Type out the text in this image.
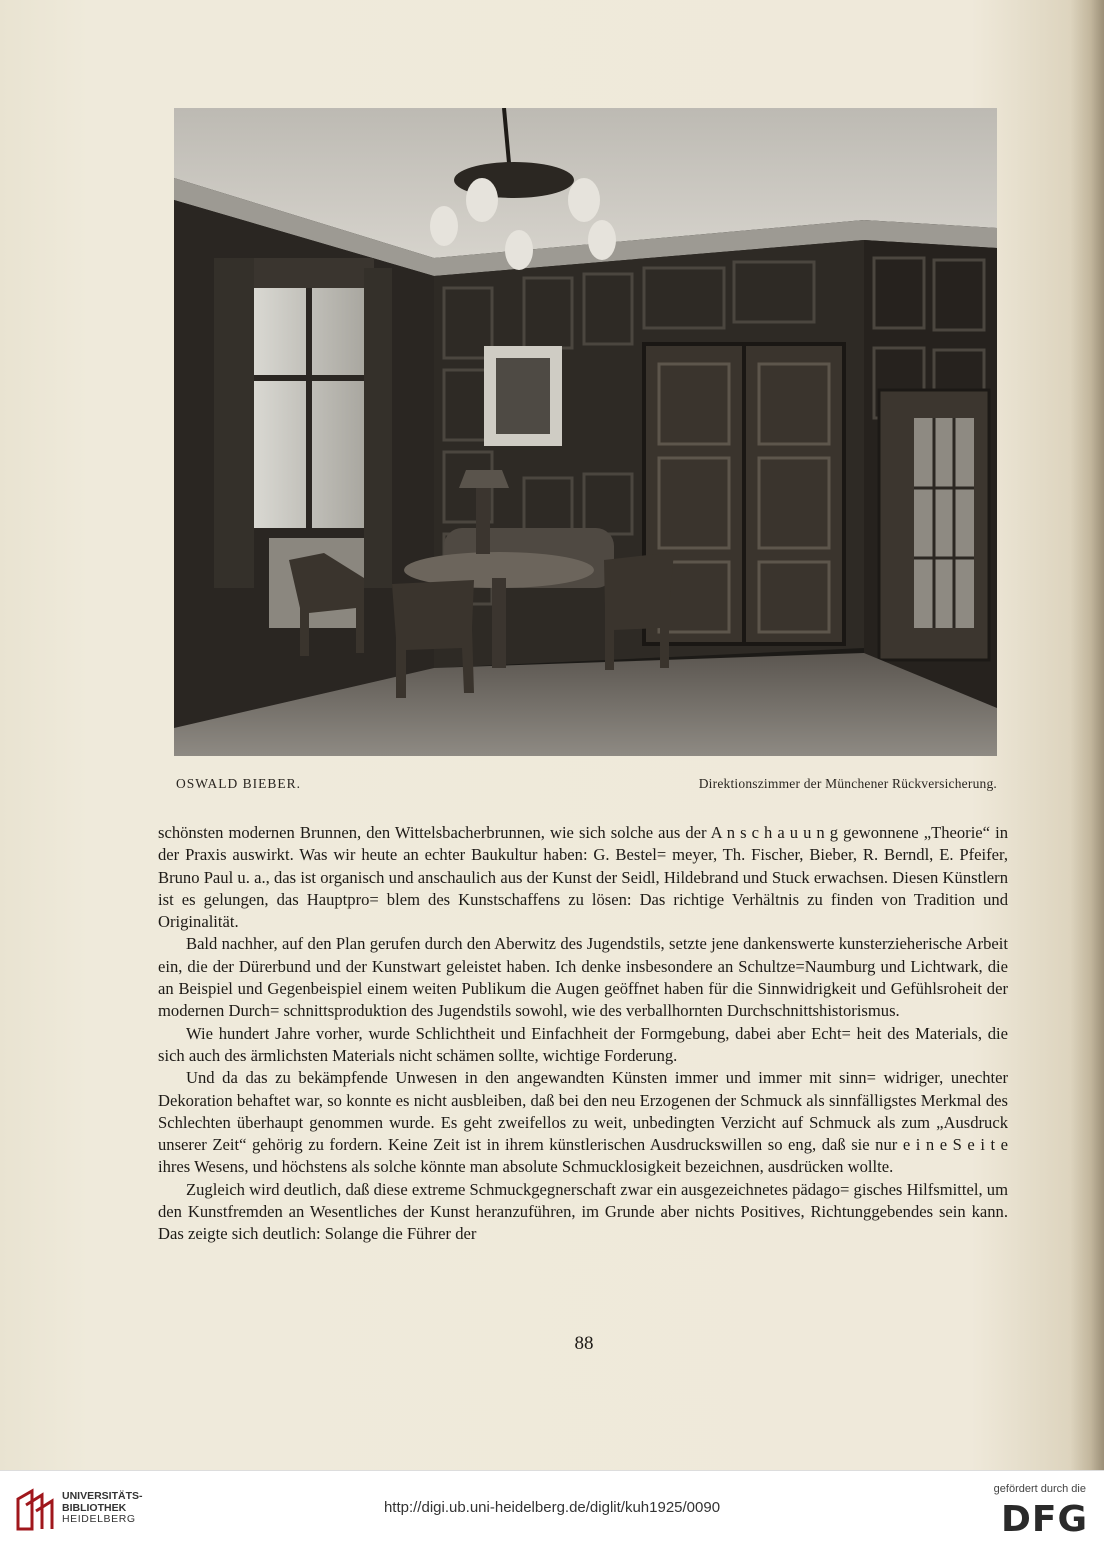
OSWALD BIEBER.	Direktionszimmer der Münchener Rückversicherung.

schönsten modernen Brunnen, den Wittelsbacherbrunnen, wie sich solche aus der A n s c h a u u n g gewonnene „Theorie“ in der Praxis auswirkt. Was wir heute an echter Baukultur haben: G. Bestel= meyer, Th. Fischer, Bieber, R. Berndl, E. Pfeifer, Bruno Paul u. a., das ist organisch und anschaulich aus der Kunst der Seidl, Hildebrand und Stuck erwachsen. Diesen Künstlern ist es gelungen, das Hauptpro= blem des Kunstschaffens zu lösen: Das richtige Verhältnis zu finden von Tradition und Originalität.

Bald nachher, auf den Plan gerufen durch den Aberwitz des Jugendstils, setzte jene dankenswerte kunsterzieherische Arbeit ein, die der Dürerbund und der Kunstwart geleistet haben. Ich denke insbesondere an Schultze=Naumburg und Lichtwark, die an Beispiel und Gegenbeispiel einem weiten Publikum die Augen geöffnet haben für die Sinnwidrigkeit und Gefühlsroheit der modernen Durch= schnittsproduktion des Jugendstils sowohl, wie des verballhornten Durchschnittshistorismus.

Wie hundert Jahre vorher, wurde Schlichtheit und Einfachheit der Formgebung, dabei aber Echt= heit des Materials, die sich auch des ärmlichsten Materials nicht schämen sollte, wichtige Forderung.

Und da das zu bekämpfende Unwesen in den angewandten Künsten immer und immer mit sinn= widriger, unechter Dekoration behaftet war, so konnte es nicht ausbleiben, daß bei den neu Erzogenen der Schmuck als sinnfälligstes Merkmal des Schlechten überhaupt genommen wurde. Es geht zweifellos zu weit, unbedingten Verzicht auf Schmuck als zum „Ausdruck unserer Zeit“ gehörig zu fordern. Keine Zeit ist in ihrem künstlerischen Ausdruckswillen so eng, daß sie nur e i n e S e i t e ihres Wesens, und höchstens als solche könnte man absolute Schmucklosigkeit bezeichnen, ausdrücken wollte.

Zugleich wird deutlich, daß diese extreme Schmuckgegnerschaft zwar ein ausgezeichnetes pädago= gisches Hilfsmittel, um den Kunstfremden an Wesentliches der Kunst heranzuführen, im Grunde aber nichts Positives, Richtunggebendes sein kann. Das zeigte sich deutlich: Solange die Führer der

88
UNIVERSITÄTS-
BIBLIOTHEK
HEIDELBERG
http://digi.ub.uni-heidelberg.de/diglit/kuh1925/0090
gefördert durch die
DFG
